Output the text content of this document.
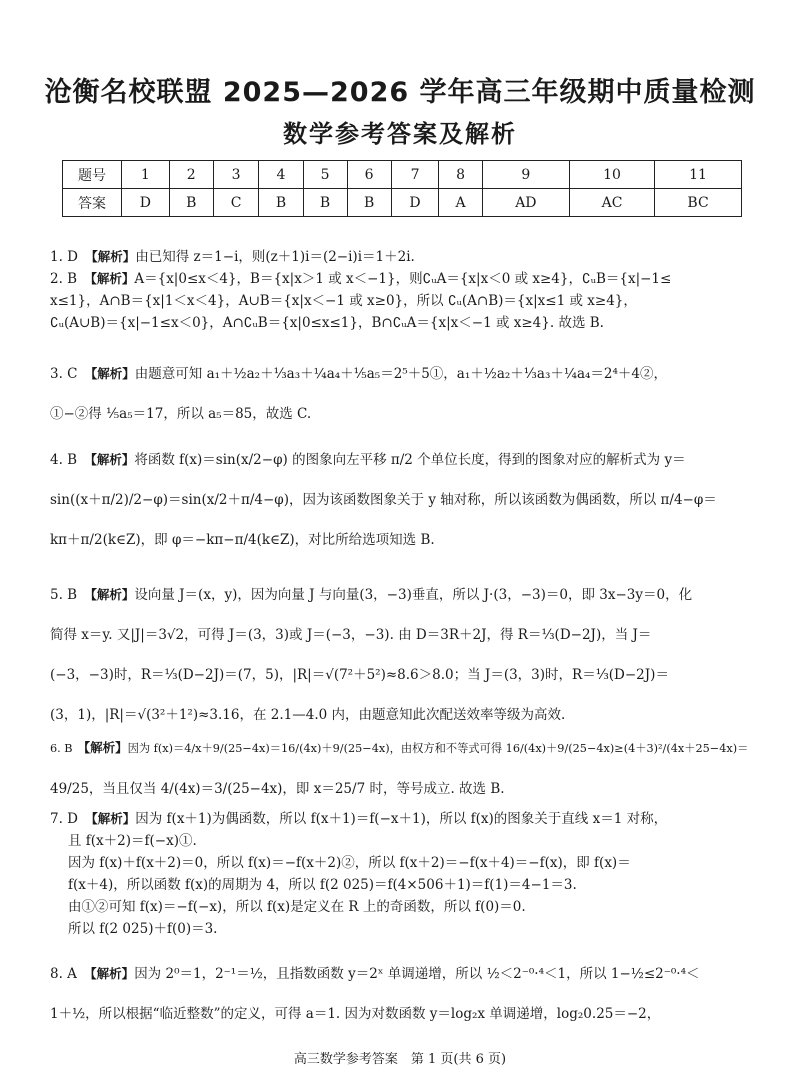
沧衡名校联盟 2025—2026 学年高三年级期中质量检测
数学参考答案及解析
题号	1	2	3	4	5	6	7	8	9	10	11
答案	D	B	C	B	B	B	D	A	AD	AC	BC

1. D　 【解析】由已知得 z＝1−i，则(z＋1)i＝(2−i)i＝1＋2i.

2. B　 【解析】A＝{x|0≤x＜4}，B＝{x|x＞1 或 x＜−1}，则∁ᵤA＝{x|x＜0 或 x≥4}，∁ᵤB＝{x|−1≤

x≤1}，A∩B＝{x|1＜x＜4}，A∪B＝{x|x＜−1 或 x≥0}，所以 ∁ᵤ(A∩B)＝{x|x≤1 或 x≥4}，

∁ᵤ(A∪B)＝{x|−1≤x＜0}，A∩∁ᵤB＝{x|0≤x≤1}，B∩∁ᵤA＝{x|x＜−1 或 x≥4}. 故选 B.

3. C　 【解析】由题意可知 a₁＋½a₂＋⅓a₃＋¼a₄＋⅕a₅＝2⁵＋5①，a₁＋½a₂＋⅓a₃＋¼a₄＝2⁴＋4②，

①−②得 ⅕a₅＝17，所以 a₅＝85，故选 C.

4. B　 【解析】将函数 f(x)＝sin(x/2−φ) 的图象向左平移 π/2 个单位长度，得到的图象对应的解析式为 y＝

sin((x＋π/2)/2−φ)＝sin(x/2＋π/4−φ)，因为该函数图象关于 y 轴对称，所以该函数为偶函数，所以 π/4−φ＝

kπ＋π/2(k∈Z)，即 φ＝−kπ−π/4(k∈Z)，对比所给选项知选 B.

5. B　 【解析】设向量 J＝(x，y)，因为向量 J 与向量(3，−3)垂直，所以 J·(3，−3)＝0，即 3x−3y＝0，化

简得 x＝y. 又|J|＝3√2，可得 J＝(3，3)或 J＝(−3，−3). 由 D＝3R＋2J，得 R＝⅓(D−2J)，当 J＝

(−3，−3)时，R＝⅓(D−2J)＝(7，5)，|R|＝√(7²＋5²)≈8.6＞8.0；当 J＝(3，3)时，R＝⅓(D−2J)＝

(3，1)，|R|＝√(3²＋1²)≈3.16，在 2.1—4.0 内，由题意知此次配送效率等级为高效.

6. B　 【解析】因为 f(x)＝4/x＋9/(25−4x)＝16/(4x)＋9/(25−4x)，由权方和不等式可得 16/(4x)＋9/(25−4x)≥(4＋3)²/(4x＋25−4x)＝

49/25，当且仅当 4/(4x)＝3/(25−4x)，即 x＝25/7 时，等号成立. 故选 B.

7. D　 【解析】因为 f(x＋1)为偶函数，所以 f(x＋1)＝f(−x＋1)，所以 f(x)的图象关于直线 x＝1 对称，

且 f(x＋2)＝f(−x)①.

因为 f(x)＋f(x＋2)＝0，所以 f(x)＝−f(x＋2)②，所以 f(x＋2)＝−f(x＋4)＝−f(x)，即 f(x)＝

f(x＋4)，所以函数 f(x)的周期为 4，所以 f(2 025)＝f(4×506＋1)＝f(1)＝4−1＝3.

由①②可知 f(x)＝−f(−x)，所以 f(x)是定义在 R 上的奇函数，所以 f(0)＝0.

所以 f(2 025)＋f(0)＝3.

8. A　 【解析】因为 2⁰＝1，2⁻¹＝½，且指数函数 y＝2ˣ 单调递增，所以 ½＜2⁻⁰·⁴＜1，所以 1−½≤2⁻⁰·⁴＜

1＋½，所以根据“临近整数”的定义，可得 a＝1. 因为对数函数 y＝log₂x 单调递增，log₂0.25＝−2，

高三数学参考答案　第 1 页(共 6 页)
